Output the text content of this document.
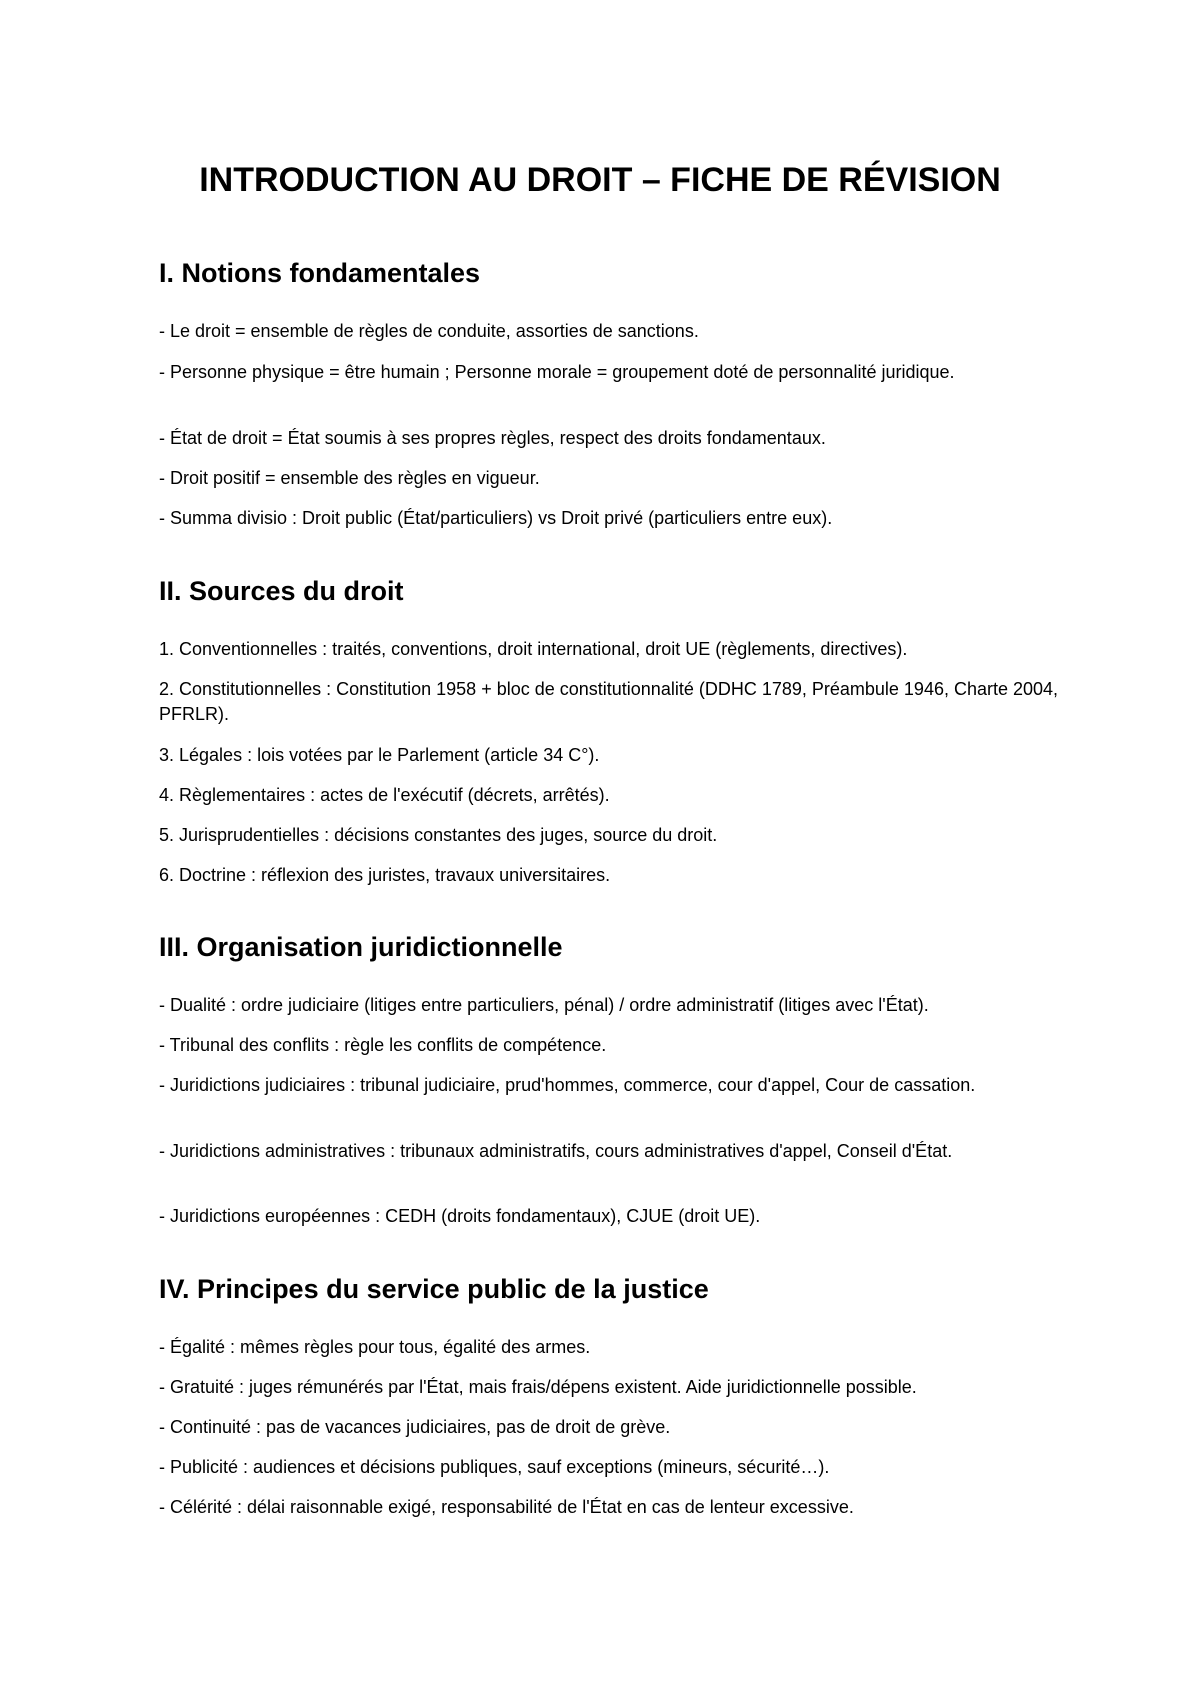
INTRODUCTION AU DROIT – FICHE DE RÉVISION
I. Notions fondamentales

- Le droit = ensemble de règles de conduite, assorties de sanctions.

- Personne physique = être humain ; Personne morale = groupement doté de personnalité juridique.

- État de droit = État soumis à ses propres règles, respect des droits fondamentaux.

- Droit positif = ensemble des règles en vigueur.

- Summa divisio : Droit public (État/particuliers) vs Droit privé (particuliers entre eux).

II. Sources du droit

1. Conventionnelles : traités, conventions, droit international, droit UE (règlements, directives).

2. Constitutionnelles : Constitution 1958 + bloc de constitutionnalité (DDHC 1789, Préambule 1946, Charte 2004, PFRLR).

3. Légales : lois votées par le Parlement (article 34 C°).

4. Règlementaires : actes de l'exécutif (décrets, arrêtés).

5. Jurisprudentielles : décisions constantes des juges, source du droit.

6. Doctrine : réflexion des juristes, travaux universitaires.

III. Organisation juridictionnelle

- Dualité : ordre judiciaire (litiges entre particuliers, pénal) / ordre administratif (litiges avec l'État).

- Tribunal des conflits : règle les conflits de compétence.

- Juridictions judiciaires : tribunal judiciaire, prud'hommes, commerce, cour d'appel, Cour de cassation.

- Juridictions administratives : tribunaux administratifs, cours administratives d'appel, Conseil d'État.

- Juridictions européennes : CEDH (droits fondamentaux), CJUE (droit UE).

IV. Principes du service public de la justice

- Égalité : mêmes règles pour tous, égalité des armes.

- Gratuité : juges rémunérés par l'État, mais frais/dépens existent. Aide juridictionnelle possible.

- Continuité : pas de vacances judiciaires, pas de droit de grève.

- Publicité : audiences et décisions publiques, sauf exceptions (mineurs, sécurité…).

- Célérité : délai raisonnable exigé, responsabilité de l'État en cas de lenteur excessive.
